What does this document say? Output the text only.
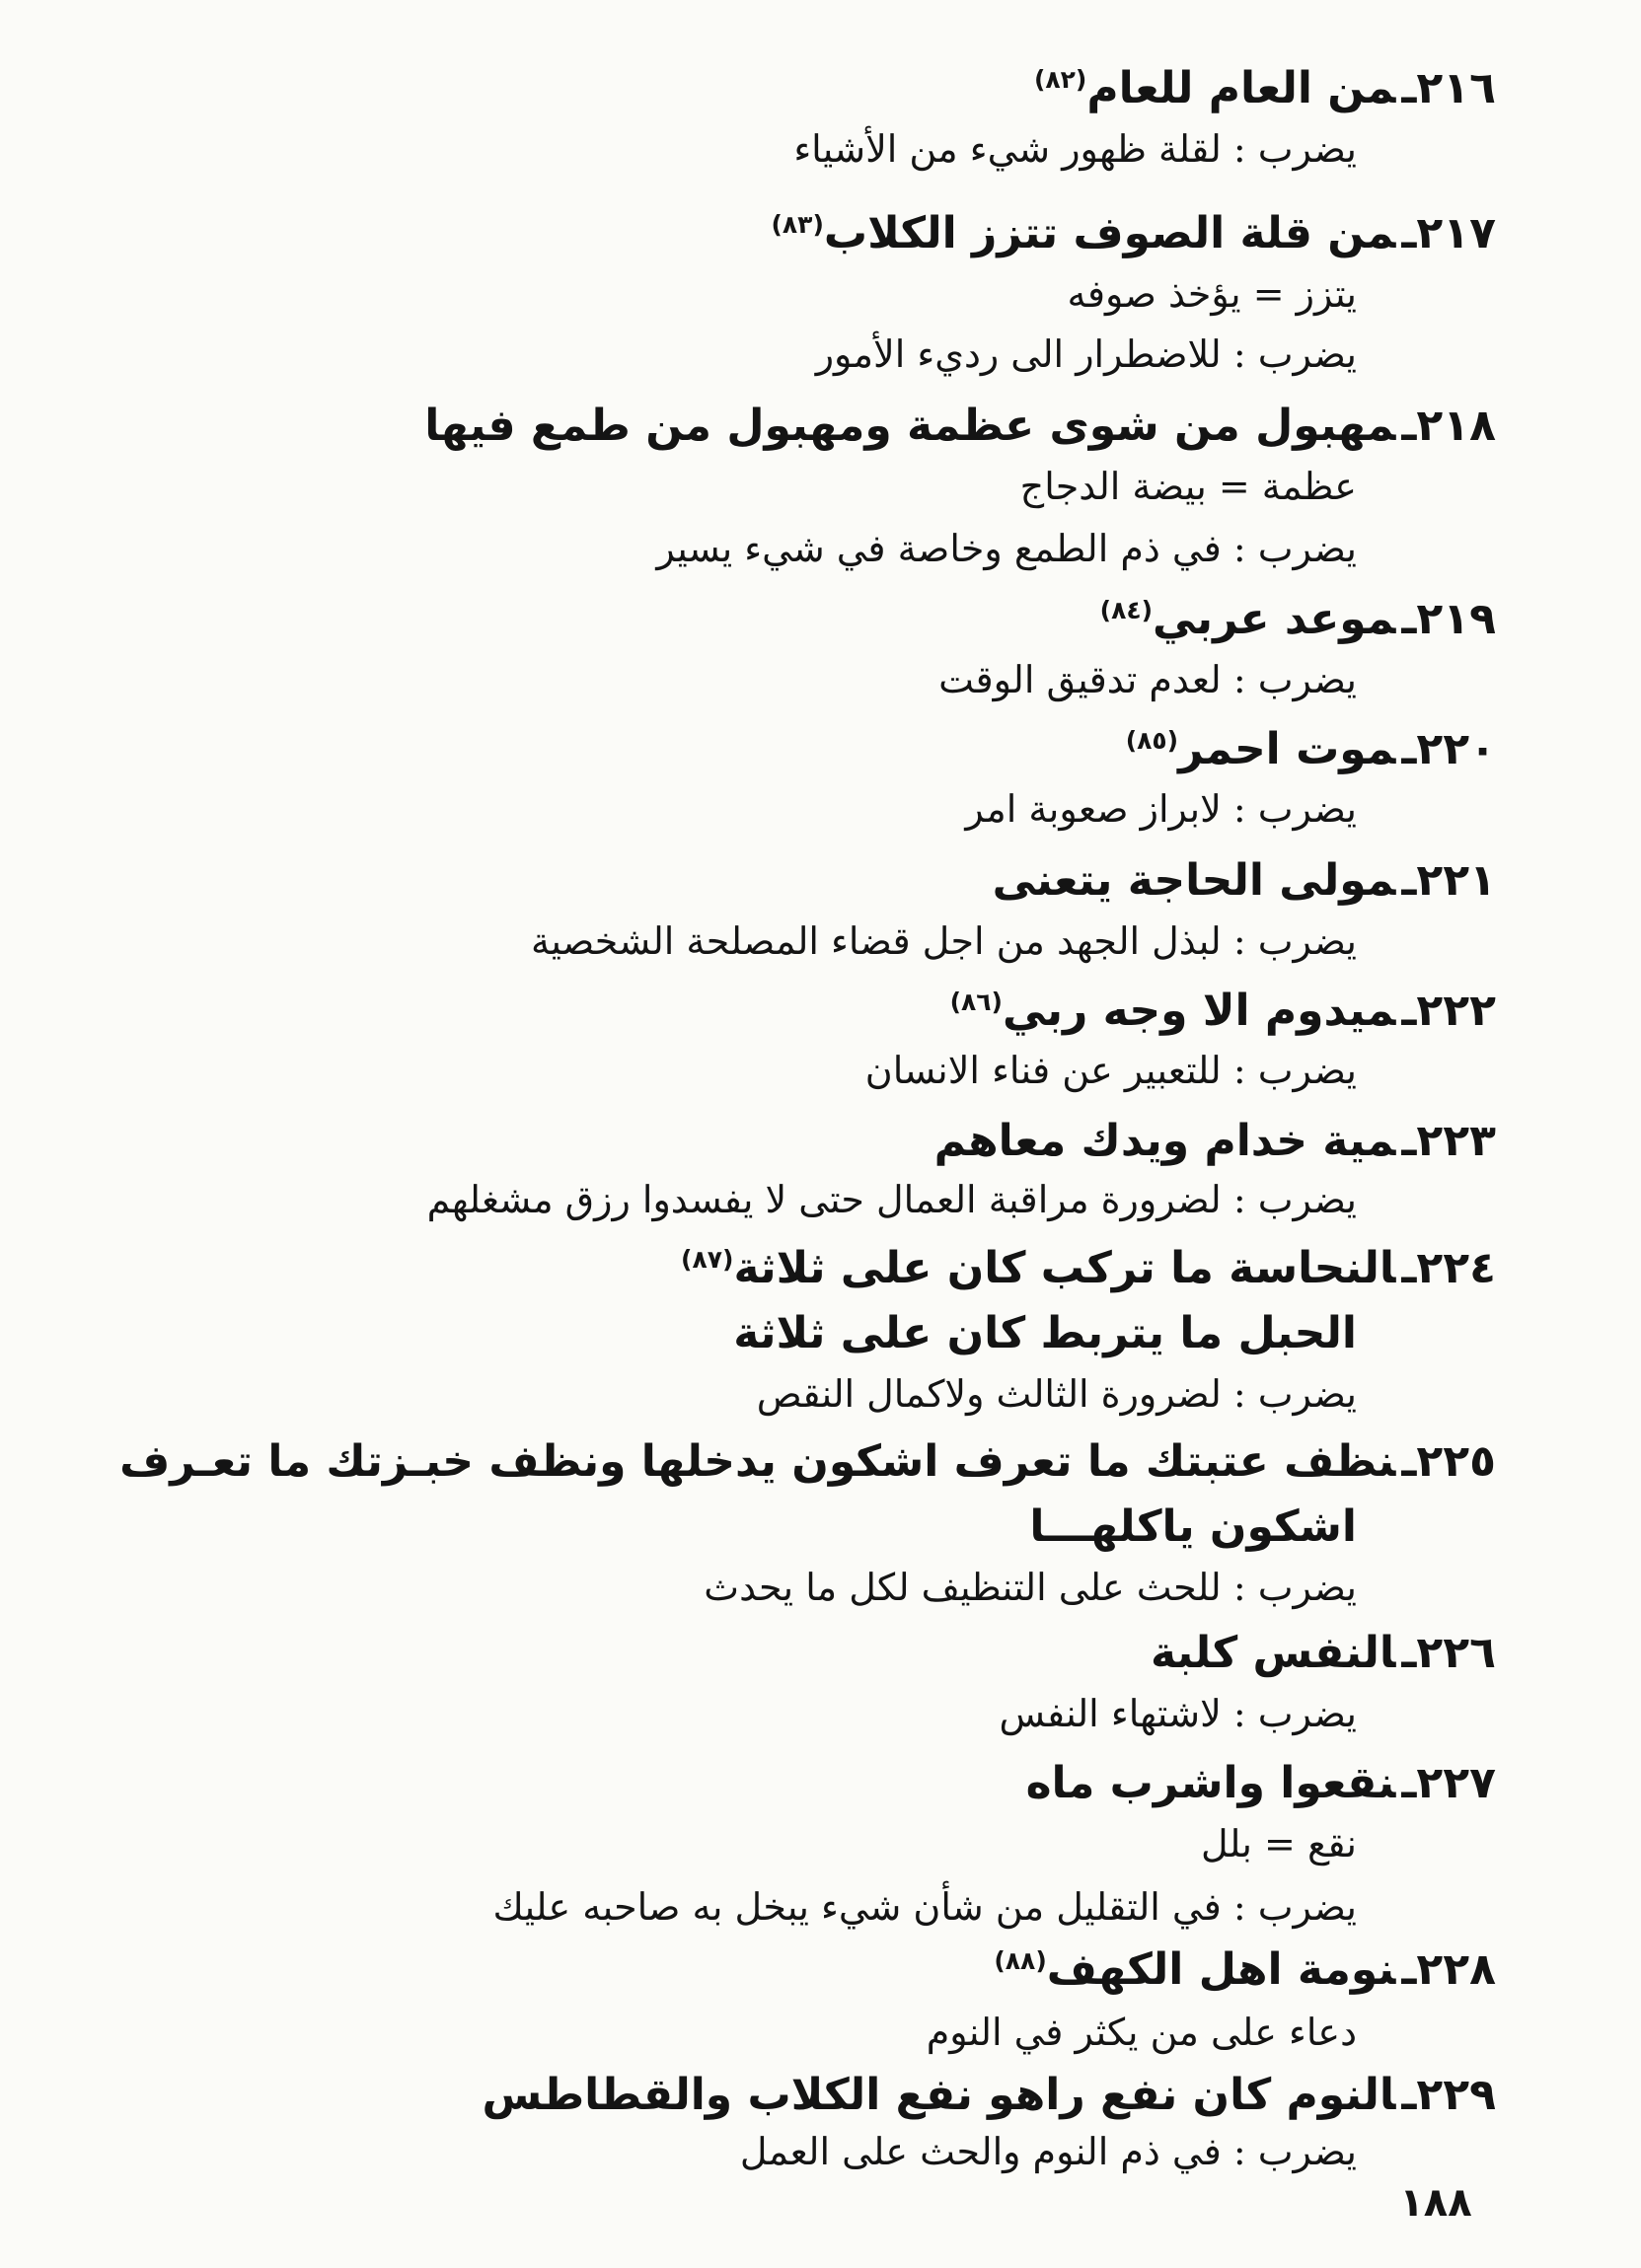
٢١٦ـمن العام للعام$^{(٨٢)}$
يضرب : لقلة ظهور شيء من الأشياء
٢١٧ـمن قلة الصوف تتزز الكلاب$^{(٨٣)}$
يتزز = يؤخذ صوفه
يضرب : للاضطرار الى رديء الأمور
٢١٨ـمهبول من شوى عظمة ومهبول من طمع فيها
عظمة = بيضة الدجاج
يضرب : في ذم الطمع وخاصة في شيء يسير
٢١٩ـموعد عربي$^{(٨٤)}$
يضرب : لعدم تدقيق الوقت
٢٢٠ـموت احمر$^{(٨٥)}$
يضرب : لابراز صعوبة امر
٢٢١ـمولى الحاجة يتعنى
يضرب : لبذل الجهد من اجل قضاء المصلحة الشخصية
٢٢٢ـميدوم الا وجه ربي$^{(٨٦)}$
يضرب : للتعبير عن فناء الانسان
٢٢٣ـمية خدام ويدك معاهم
يضرب : لضرورة مراقبة العمال حتى لا يفسدوا رزق مشغلهم
٢٢٤ـالنحاسة ما تركب كان على ثلاثة$^{(٨٧)}$
الحبل ما يتربط كان على ثلاثة
يضرب : لضرورة الثالث ولاكمال النقص
٢٢٥ـنظف عتبتك ما تعرف اشكون يدخلها ونظف خبـزتك ما تعـرف
اشكون ياكلهـــا
يضرب : للحث على التنظيف لكل ما يحدث
٢٢٦ـالنفس كلبة
يضرب : لاشتهاء النفس
٢٢٧ـنقعوا واشرب ماه
نقع = بلل
يضرب : في التقليل من شأن شيء يبخل به صاحبه عليك
٢٢٨ـنومة اهل الكهف$^{(٨٨)}$
دعاء على من يكثر في النوم
٢٢٩ـالنوم كان نفع راهو نفع الكلاب والقطاطس
يضرب : في ذم النوم والحث على العمل
١٨٨
